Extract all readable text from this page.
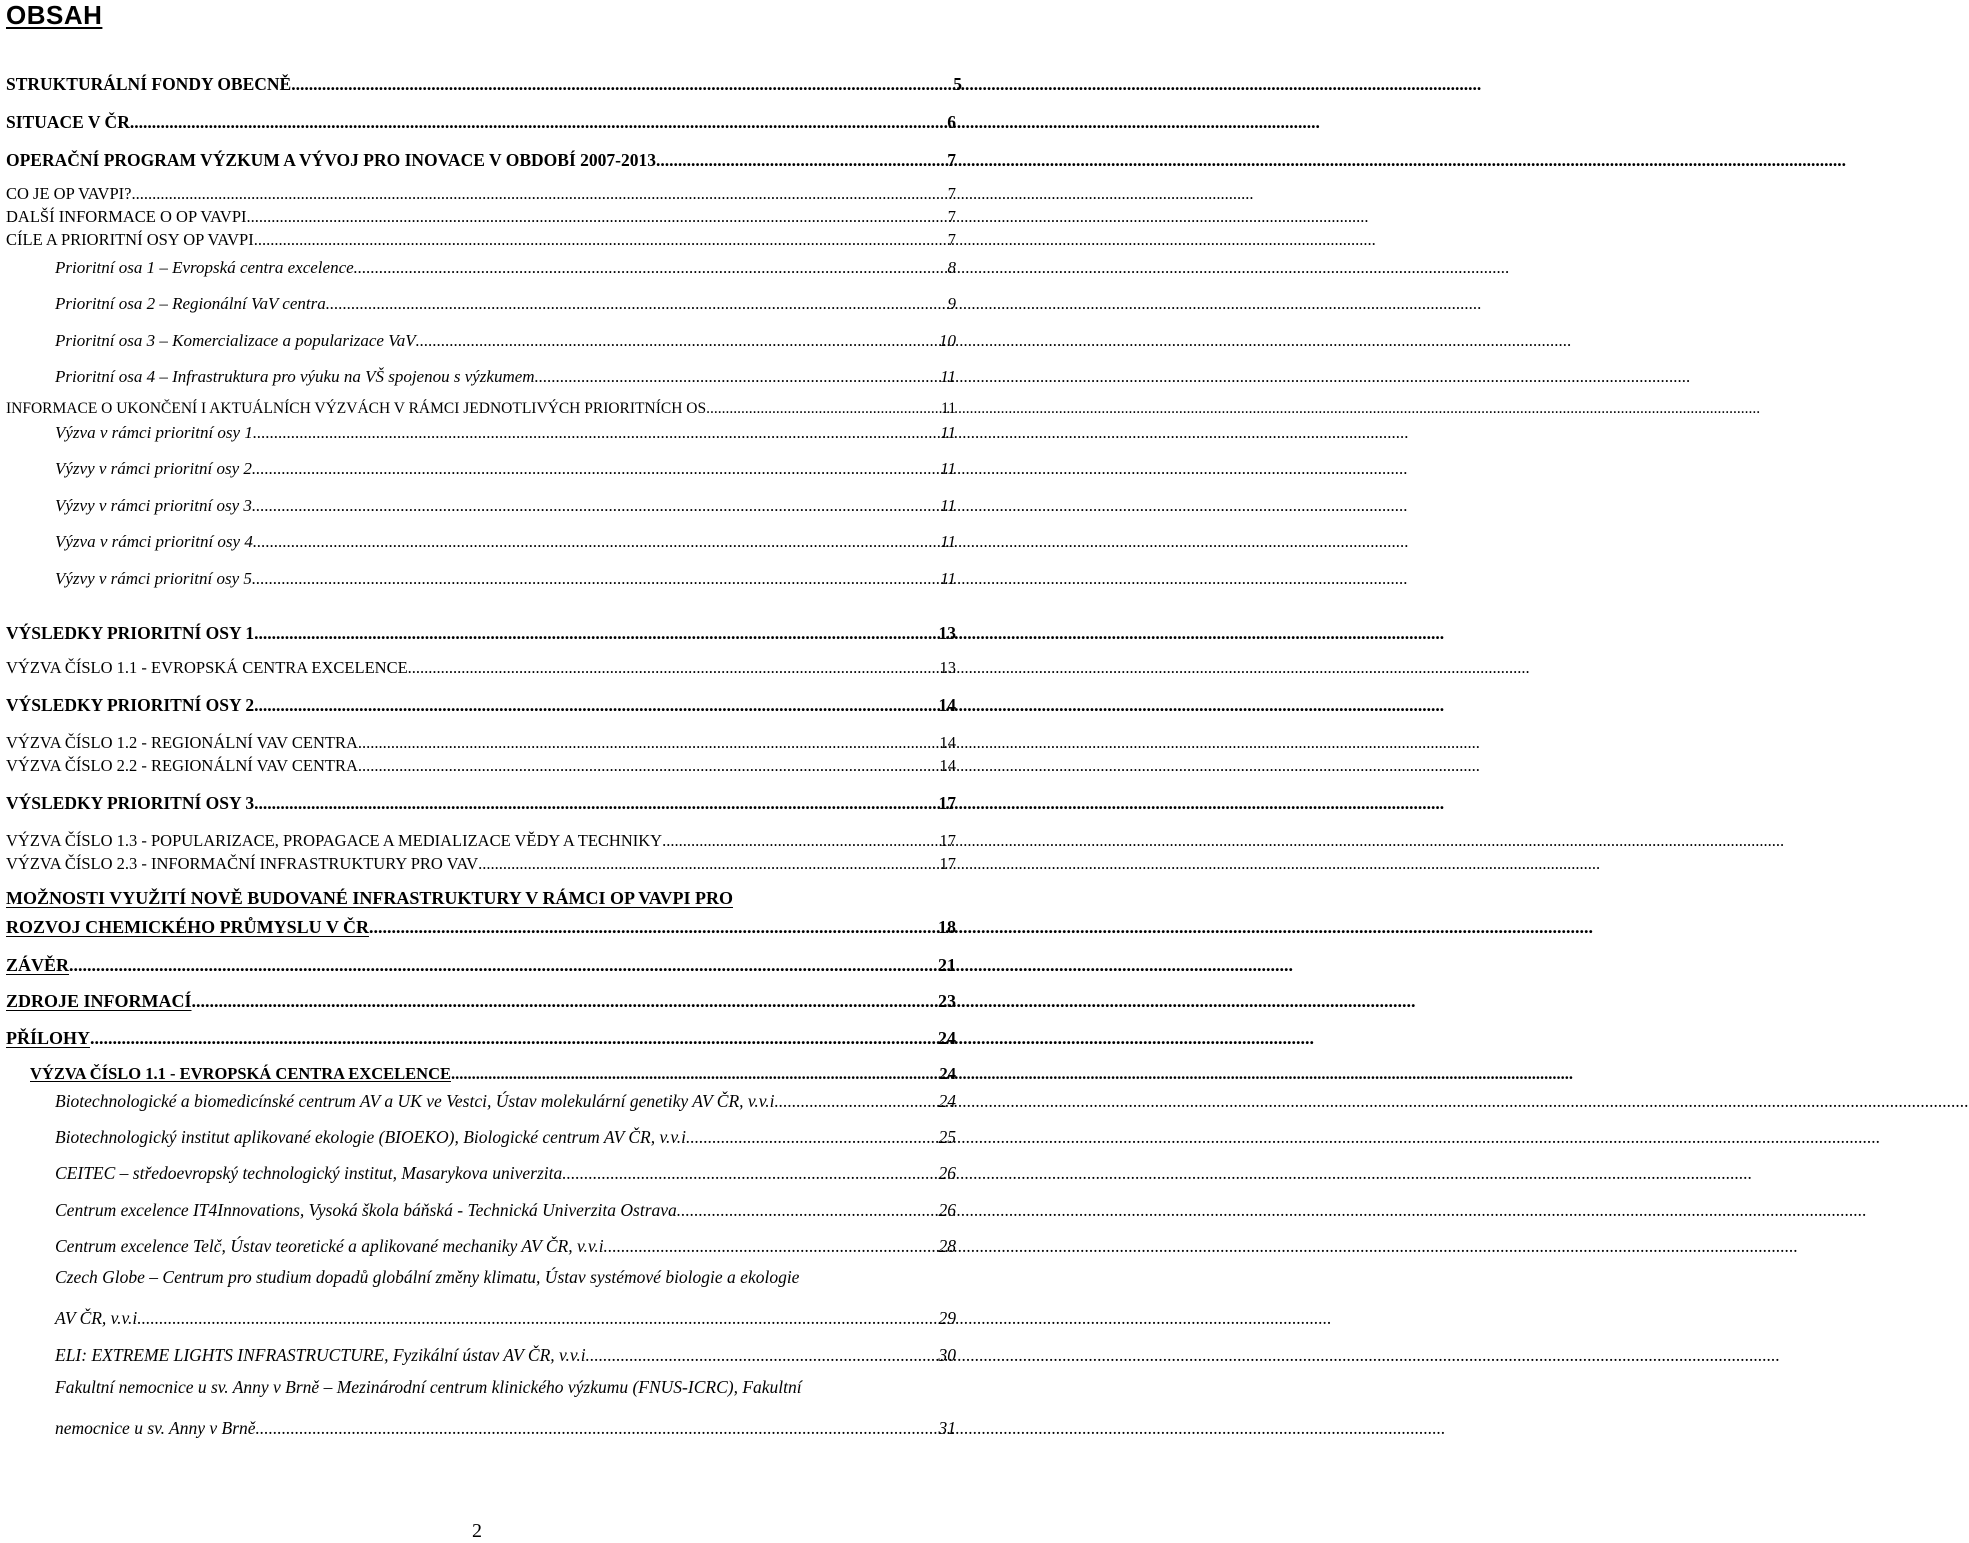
OBSAH
STRUKTURÁLNÍ FONDY OBECNĚ .....	5
SITUACE V ČR .....	6
OPERAČNÍ PROGRAM VÝZKUM A VÝVOJ PRO INOVACE V OBDOBÍ 2007-2013 .....	7
CO JE OP VAVPI? .....	7
DALŠÍ INFORMACE O OP VAVPI .....	7
CÍLE A PRIORITNÍ OSY OP VAVPI .....	7
Prioritní osa 1 – Evropská centra excelence .....	8
Prioritní osa 2 – Regionální VaV centra .....	9
Prioritní osa 3 – Komercializace a popularizace VaV .....	10
Prioritní osa 4 – Infrastruktura pro výuku na VŠ spojenou s výzkumem .....	11
INFORMACE O UKONČENÍ I AKTUÁLNÍCH VÝZVÁCH V RÁMCI JEDNOTLIVÝCH PRIORITNÍCH OS .....	11
Výzva v rámci prioritní osy 1 .....	11
Výzvy v rámci prioritní osy 2 .....	11
Výzvy v rámci prioritní osy 3 .....	11
Výzva v rámci prioritní osy 4 .....	11
Výzvy v rámci prioritní osy 5 .....	11
VÝSLEDKY PRIORITNÍ OSY 1 .....	13
VÝZVA ČÍSLO 1.1 - EVROPSKÁ CENTRA EXCELENCE .....	13
VÝSLEDKY PRIORITNÍ OSY 2 .....	14
VÝZVA ČÍSLO 1.2 - REGIONÁLNÍ VAV CENTRA .....	14
VÝZVA ČÍSLO 2.2 - REGIONÁLNÍ VAV CENTRA .....	14
VÝSLEDKY PRIORITNÍ OSY 3 .....	17
VÝZVA ČÍSLO 1.3 - POPULARIZACE, PROPAGACE A MEDIALIZACE VĚDY A TECHNIKY .....	17
VÝZVA ČÍSLO 2.3 - INFORMAČNÍ INFRASTRUKTURY PRO VAV .....	17
MOŽNOSTI VYUŽITÍ NOVĚ BUDOVANÉ INFRASTRUKTURY V RÁMCI OP VAVPI PRO
ROZVOJ CHEMICKÉHO PRŮMYSLU V ČR .....	18
ZÁVĚR .....	21
ZDROJE INFORMACÍ .....	23
PŘÍLOHY .....	24
VÝZVA ČÍSLO 1.1 - EVROPSKÁ CENTRA EXCELENCE .....	24
Biotechnologické a biomedicínské centrum AV a UK ve Vestci, Ústav molekulární genetiky AV ČR, v.v.i. .....	24
Biotechnologický institut aplikované ekologie (BIOEKO), Biologické centrum AV ČR, v.v.i. .....	25
CEITEC – středoevropský technologický institut, Masarykova univerzita .....	26
Centrum excelence IT4Innovations, Vysoká škola báňská - Technická Univerzita Ostrava .....	26
Centrum excelence Telč, Ústav teoretické a aplikované mechaniky AV ČR, v.v.i. .....	28
Czech Globe – Centrum pro studium dopadů globální změny klimatu, Ústav systémové biologie a ekologie
AV ČR, v.v.i. .....	29
ELI: EXTREME LIGHTS INFRASTRUCTURE, Fyzikální ústav AV ČR, v.v.i. .....	30
Fakultní nemocnice u sv. Anny v Brně – Mezinárodní centrum klinického výzkumu (FNUS-ICRC), Fakultní
nemocnice u sv. Anny v Brně .....	31
2
